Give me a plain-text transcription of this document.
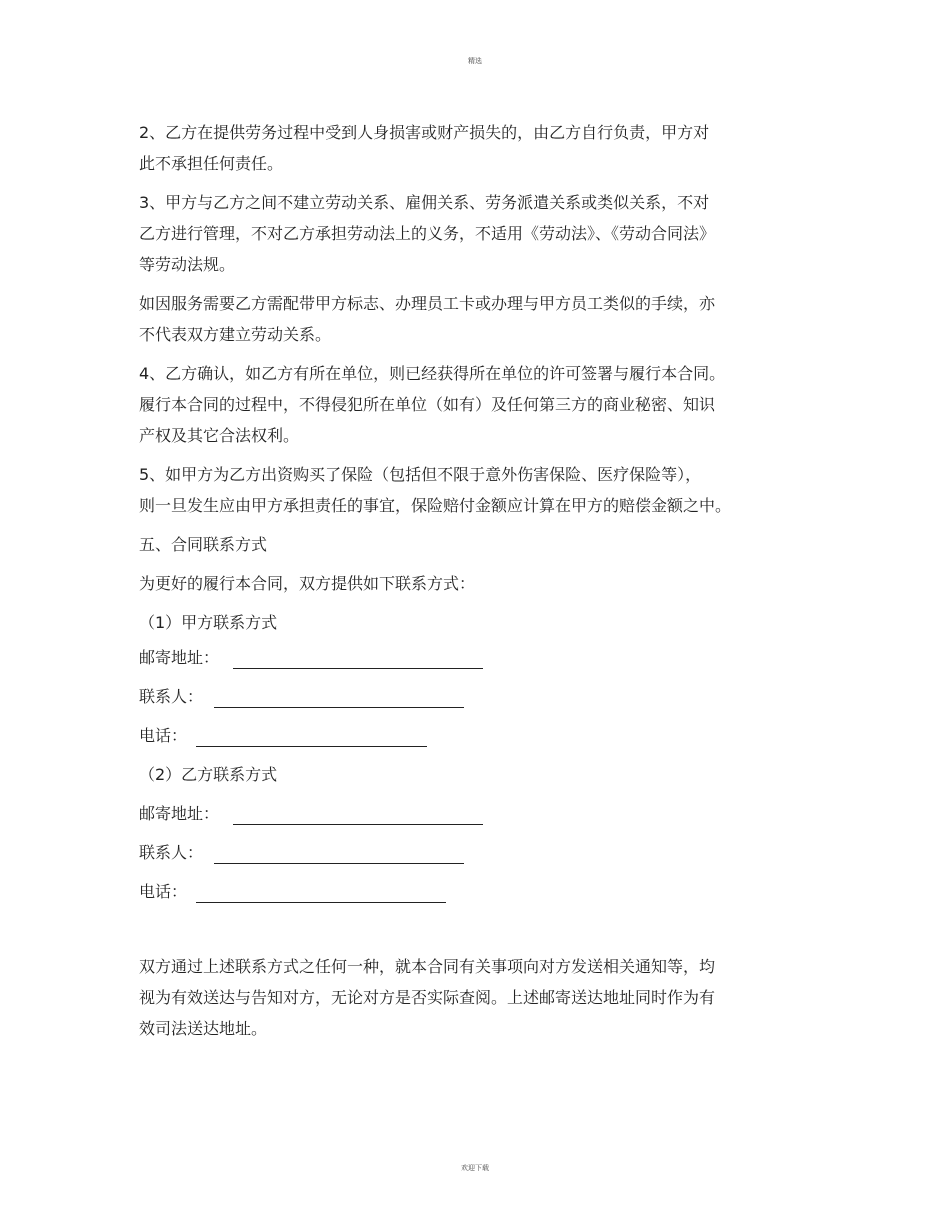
精选
2、乙方在提供劳务过程中受到人身损害或财产损失的，由乙方自行负责，甲方对
此不承担任何责任。
3、甲方与乙方之间不建立劳动关系、雇佣关系、劳务派遣关系或类似关系，不对
乙方进行管理，不对乙方承担劳动法上的义务，不适用《劳动法》、《劳动合同法》
等劳动法规。
如因服务需要乙方需配带甲方标志、办理员工卡或办理与甲方员工类似的手续，亦
不代表双方建立劳动关系。
4、乙方确认，如乙方有所在单位，则已经获得所在单位的许可签署与履行本合同。
履行本合同的过程中，不得侵犯所在单位（如有）及任何第三方的商业秘密、知识
产权及其它合法权利。
5、如甲方为乙方出资购买了保险（包括但不限于意外伤害保险、医疗保险等），
则一旦发生应由甲方承担责任的事宜，保险赔付金额应计算在甲方的赔偿金额之中。
五、合同联系方式
为更好的履行本合同，双方提供如下联系方式：
（1）甲方联系方式
邮寄地址：
联系人：
电话：
（2）乙方联系方式
邮寄地址：
联系人：
电话：
双方通过上述联系方式之任何一种，就本合同有关事项向对方发送相关通知等，均
视为有效送达与告知对方，无论对方是否实际查阅。上述邮寄送达地址同时作为有
效司法送达地址。
欢迎下载
